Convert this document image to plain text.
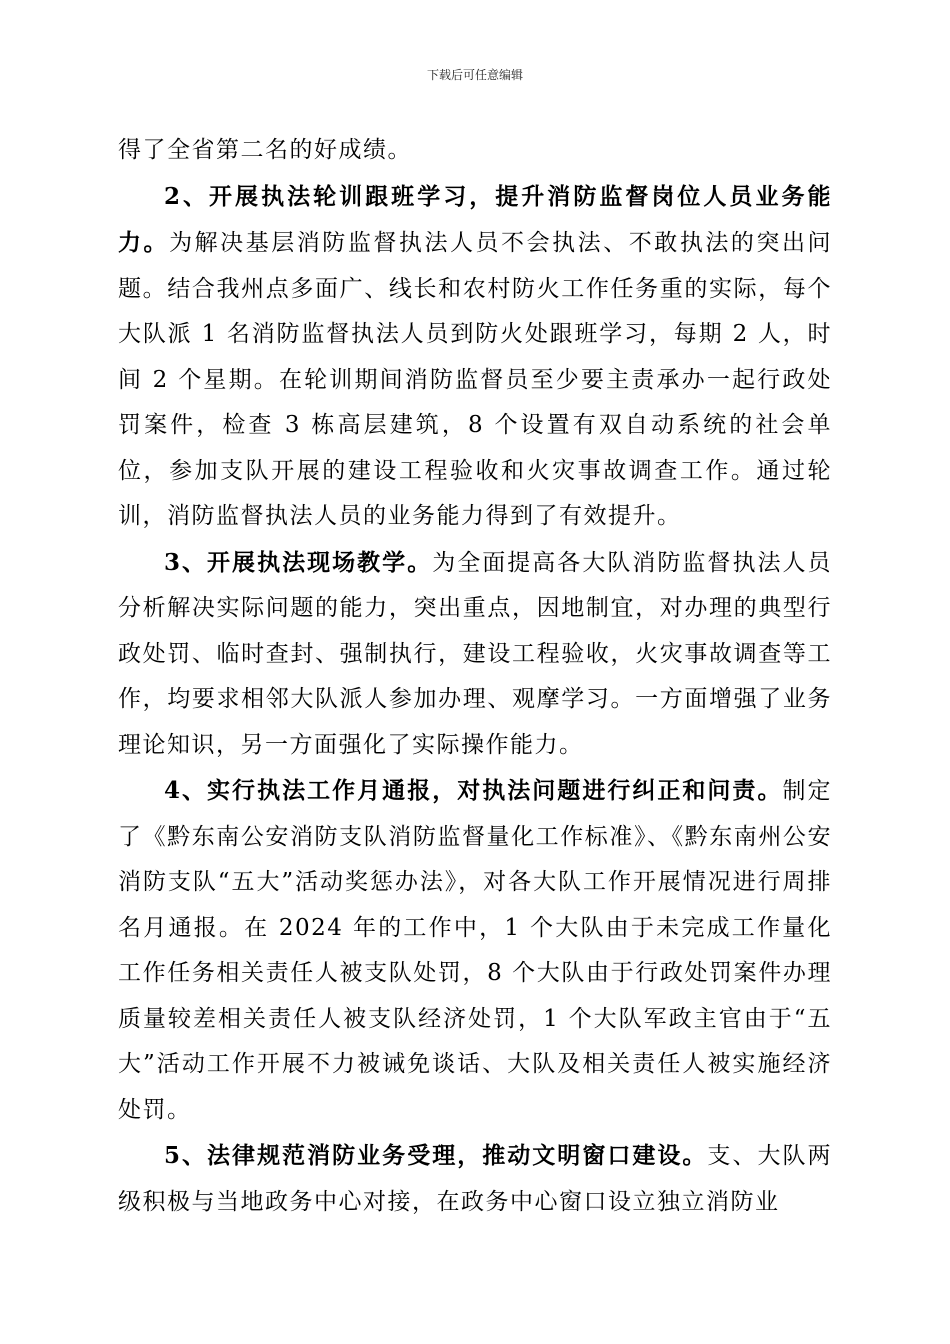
下载后可任意编辑

得了全省第二名的好成绩。

2、开展执法轮训跟班学习，提升消防监督岗位人员业务能力。为解决基层消防监督执法人员不会执法、不敢执法的突出问题。结合我州点多面广、线长和农村防火工作任务重的实际，每个大队派 1 名消防监督执法人员到防火处跟班学习，每期 2 人，时间 2 个星期。在轮训期间消防监督员至少要主责承办一起行政处罚案件，检查 3 栋高层建筑，8 个设置有双自动系统的社会单位，参加支队开展的建设工程验收和火灾事故调查工作。通过轮训，消防监督执法人员的业务能力得到了有效提升。

3、开展执法现场教学。为全面提高各大队消防监督执法人员分析解决实际问题的能力，突出重点，因地制宜，对办理的典型行政处罚、临时查封、强制执行，建设工程验收，火灾事故调查等工作，均要求相邻大队派人参加办理、观摩学习。一方面增强了业务理论知识，另一方面强化了实际操作能力。

4、实行执法工作月通报，对执法问题进行纠正和问责。制定了《黔东南公安消防支队消防监督量化工作标准》、《黔东南州公安消防支队“五大”活动奖惩办法》，对各大队工作开展情况进行周排名月通报。在 2024 年的工作中，1 个大队由于未完成工作量化工作任务相关责任人被支队处罚，8 个大队由于行政处罚案件办理质量较差相关责任人被支队经济处罚，1 个大队军政主官由于“五大”活动工作开展不力被诫免谈话、大队及相关责任人被实施经济处罚。

5、法律规范消防业务受理，推动文明窗口建设。支、大队两级积极与当地政务中心对接，在政务中心窗口设立独立消防业
